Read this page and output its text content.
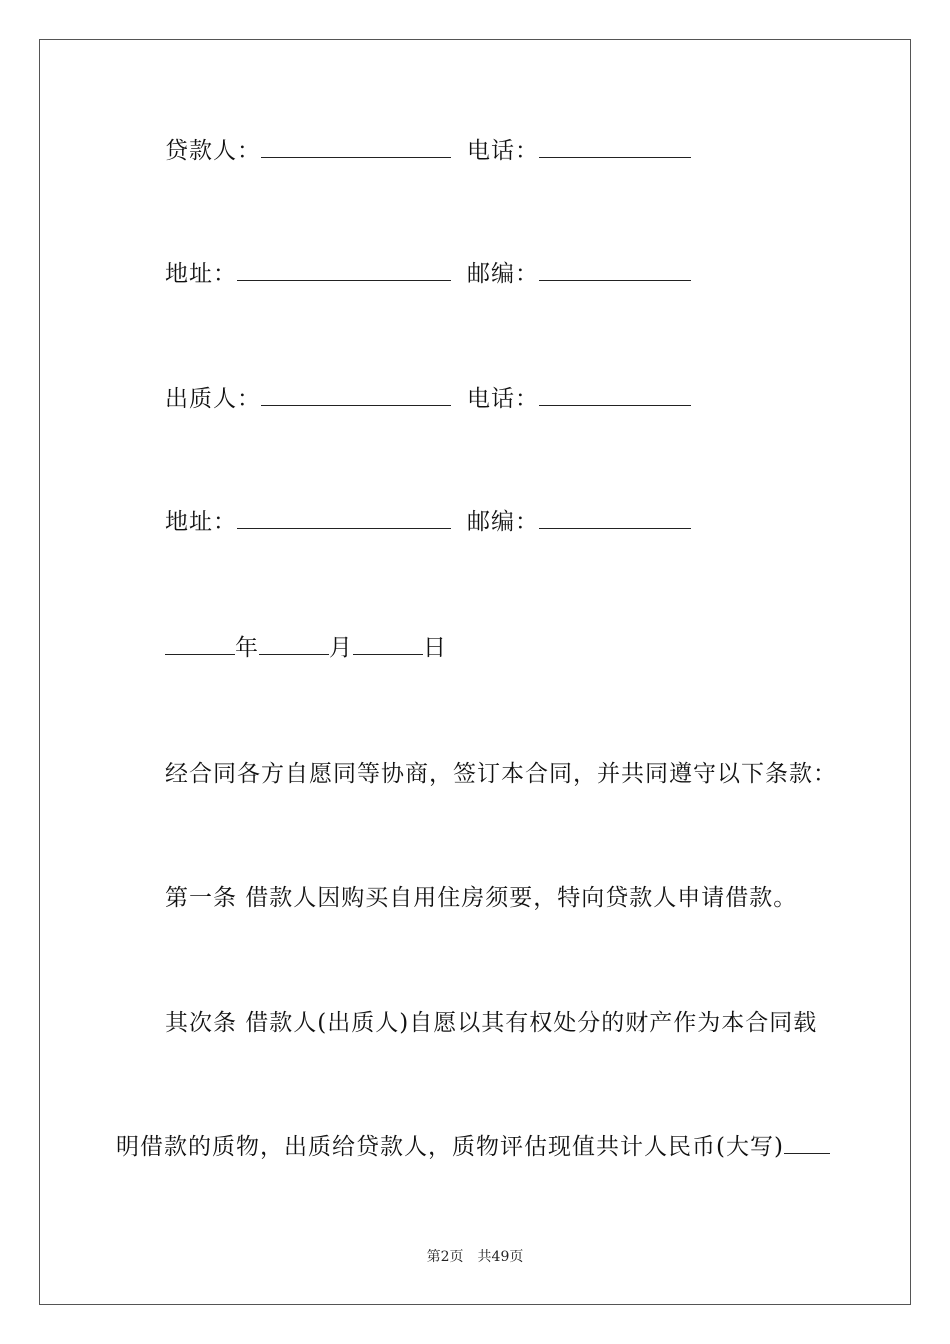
贷款人：	电话：
地址：	邮编：
出质人：	电话：
地址：	邮编：
年	月	日
经合同各方自愿同等协商，签订本合同，并共同遵守以下条款：
第一条 借款人因购买自用住房须要，特向贷款人申请借款。
其次条 借款人(出质人)自愿以其有权处分的财产作为本合同载
明借款的质物，出质给贷款人，质物评估现值共计人民币(大写)
第2页 共49页
